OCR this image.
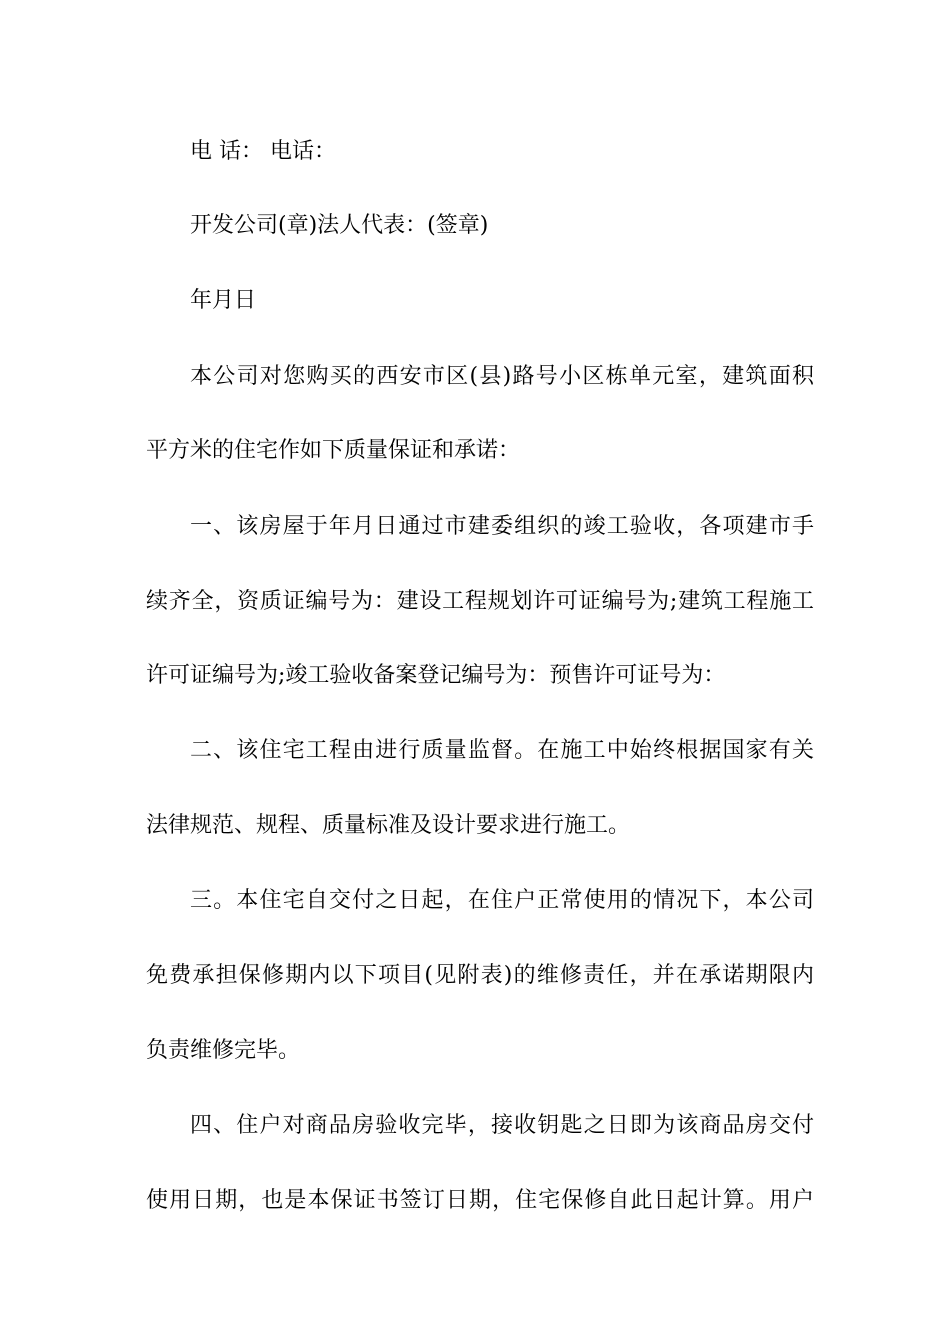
电 话： 电话：
开发公司(章)法人代表：(签章)
年月日
本公司对您购买的西安市区(县)路号小区栋单元室，建筑面积
平方米的住宅作如下质量保证和承诺：
一、该房屋于年月日通过市建委组织的竣工验收，各项建市手
续齐全，资质证编号为：建设工程规划许可证编号为;建筑工程施工
许可证编号为;竣工验收备案登记编号为：预售许可证号为：
二、该住宅工程由进行质量监督。在施工中始终根据国家有关
法律规范、规程、质量标准及设计要求进行施工。
三。本住宅自交付之日起，在住户正常使用的情况下，本公司
免费承担保修期内以下项目(见附表)的维修责任，并在承诺期限内
负责维修完毕。
四、住户对商品房验收完毕，接收钥匙之日即为该商品房交付
使用日期，也是本保证书签订日期，住宅保修自此日起计算。用户
